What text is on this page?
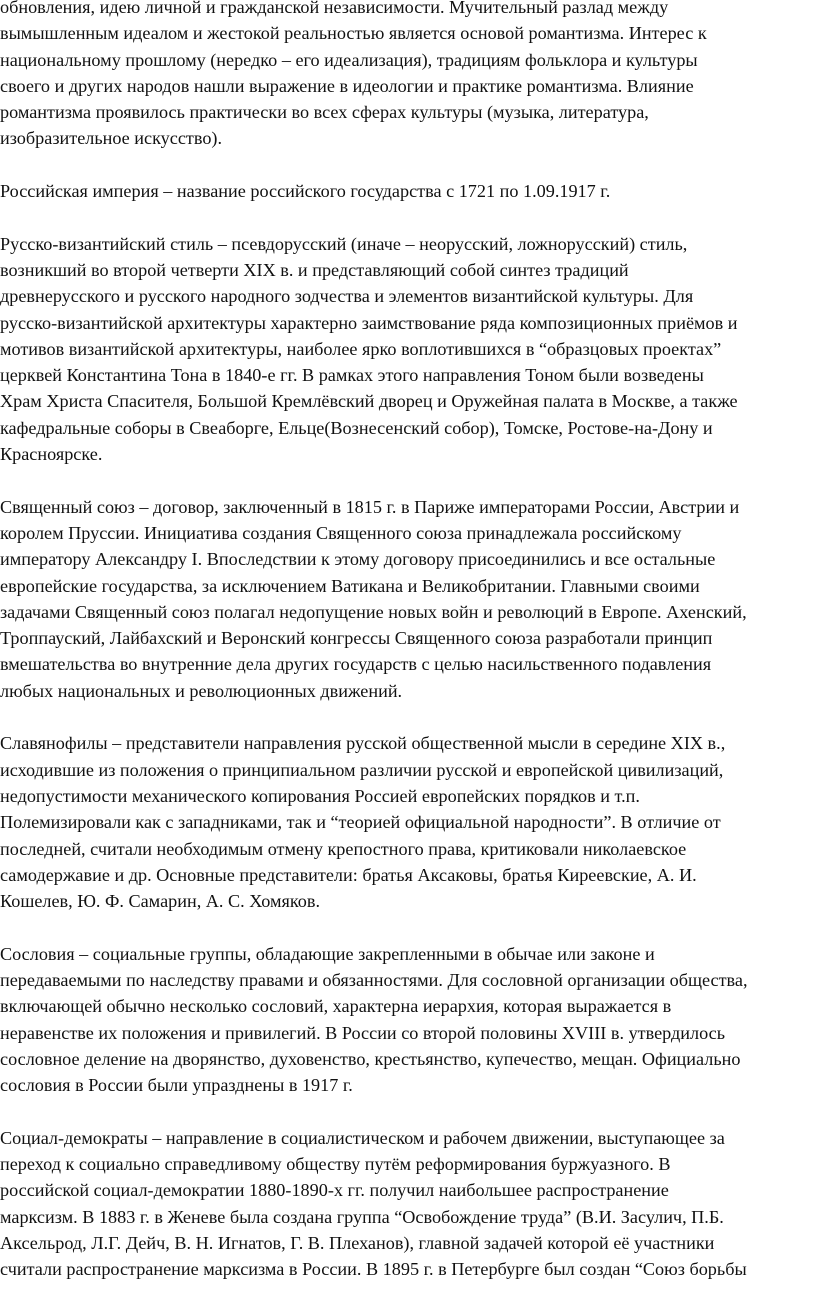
обновления, идею личной и гражданской независимости. Мучительный разлад между
вымышленным идеалом и жестокой реальностью является основой романтизма. Интерес к
национальному прошлому (нередко – его идеализация), традициям фольклора и культуры
своего и других народов нашли выражение в идеологии и практике романтизма. Влияние
романтизма проявилось практически во всех сферах культуры (музыка, литература,
изобразительное искусство).
Российская империя – название российского государства с 1721 по 1.09.1917 г.
Русско-византийский стиль – псевдорусский (иначе – неорусский, ложнорусский) стиль,
возникший во второй четверти XIX в. и представляющий собой синтез традиций
древнерусского и русского народного зодчества и элементов византийской культуры. Для
русско-византийской архитектуры характерно заимствование ряда композиционных приёмов и
мотивов византийской архитектуры, наиболее ярко воплотившихся в “образцовых проектах”
церквей Константина Тона в 1840-е гг. В рамках этого направления Тоном были возведены
Храм Христа Спасителя, Большой Кремлёвский дворец и Оружейная палата в Москве, а также
кафедральные соборы в Свеаборге, Ельце(Вознесенский собор), Томске, Ростове-на-Дону и
Красноярске.
Священный союз – договор, заключенный в 1815 г. в Париже императорами России, Австрии и
королем Пруссии. Инициатива создания Священного союза принадлежала российскому
императору Александру I. Впоследствии к этому договору присоединились и все остальные
европейские государства, за исключением Ватикана и Великобритании. Главными своими
задачами Священный союз полагал недопущение новых войн и революций в Европе. Ахенский,
Троппауский, Лайбахский и Веронский конгрессы Священного союза разработали принцип
вмешательства во внутренние дела других государств с целью насильственного подавления
любых национальных и революционных движений.
Славянофилы – представители направления русской общественной мысли в середине XIX в.,
исходившие из положения о принципиальном различии русской и европейской цивилизаций,
недопустимости механического копирования Россией европейских порядков и т.п.
Полемизировали как с западниками, так и “теорией официальной народности”. В отличие от
последней, считали необходимым отмену крепостного права, критиковали николаевское
самодержавие и др. Основные представители: братья Аксаковы, братья Киреевские, А. И.
Кошелев, Ю. Ф. Самарин, А. С. Хомяков.
Сословия – социальные группы, обладающие закрепленными в обычае или законе и
передаваемыми по наследству правами и обязанностями. Для сословной организации общества,
включающей обычно несколько сословий, характерна иерархия, которая выражается в
неравенстве их положения и привилегий. В России со второй половины XVIII в. утвердилось
сословное деление на дворянство, духовенство, крестьянство, купечество, мещан. Официально
сословия в России были упразднены в 1917 г.
Социал-демократы – направление в социалистическом и рабочем движении, выступающее за
переход к социально справедливому обществу путём реформирования буржуазного. В
российской социал-демократии 1880-1890-х гг. получил наибольшее распространение
марксизм. В 1883 г. в Женеве была создана группа “Освобождение труда” (В.И. Засулич, П.Б.
Аксельрод, Л.Г. Дейч, В. Н. Игнатов, Г. В. Плеханов), главной задачей которой её участники
считали распространение марксизма в России. В 1895 г. в Петербурге был создан “Союз борьбы
